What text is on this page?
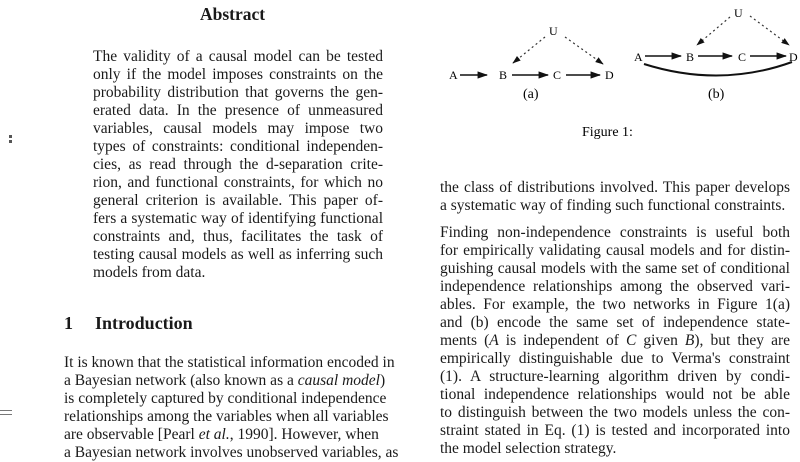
Abstract
The validity of a causal model can be tested
only if the model imposes constraints on the
probability distribution that governs the gen-
erated data. In the presence of unmeasured
variables, causal models may impose two
types of constraints: conditional independen-
cies, as read through the d-separation crite-
rion, and functional constraints, for which no
general criterion is available. This paper of-
fers a systematic way of identifying functional
constraints and, thus, facilitates the task of
testing causal models as well as inferring such
models from data.
1 Introduction
It is known that the statistical information encoded in
a Bayesian network (also known as a causal model)
is completely captured by conditional independence
relationships among the variables when all variables
are observable [Pearl et al., 1990]. However, when
a Bayesian network involves unobserved variables, as
A	B	C	D
U
(a)
A	B	C	D
U
(b)
Figure 1:
the class of distributions involved. This paper develops
a systematic way of finding such functional constraints.
Finding non-independence constraints is useful both
for empirically validating causal models and for distin-
guishing causal models with the same set of conditional
independence relationships among the observed vari-
ables. For example, the two networks in Figure 1(a)
and (b) encode the same set of independence state-
ments (A is independent of C given B), but they are
empirically distinguishable due to Verma's constraint
(1). A structure-learning algorithm driven by condi-
tional independence relationships would not be able
to distinguish between the two models unless the con-
straint stated in Eq. (1) is tested and incorporated into
the model selection strategy.
